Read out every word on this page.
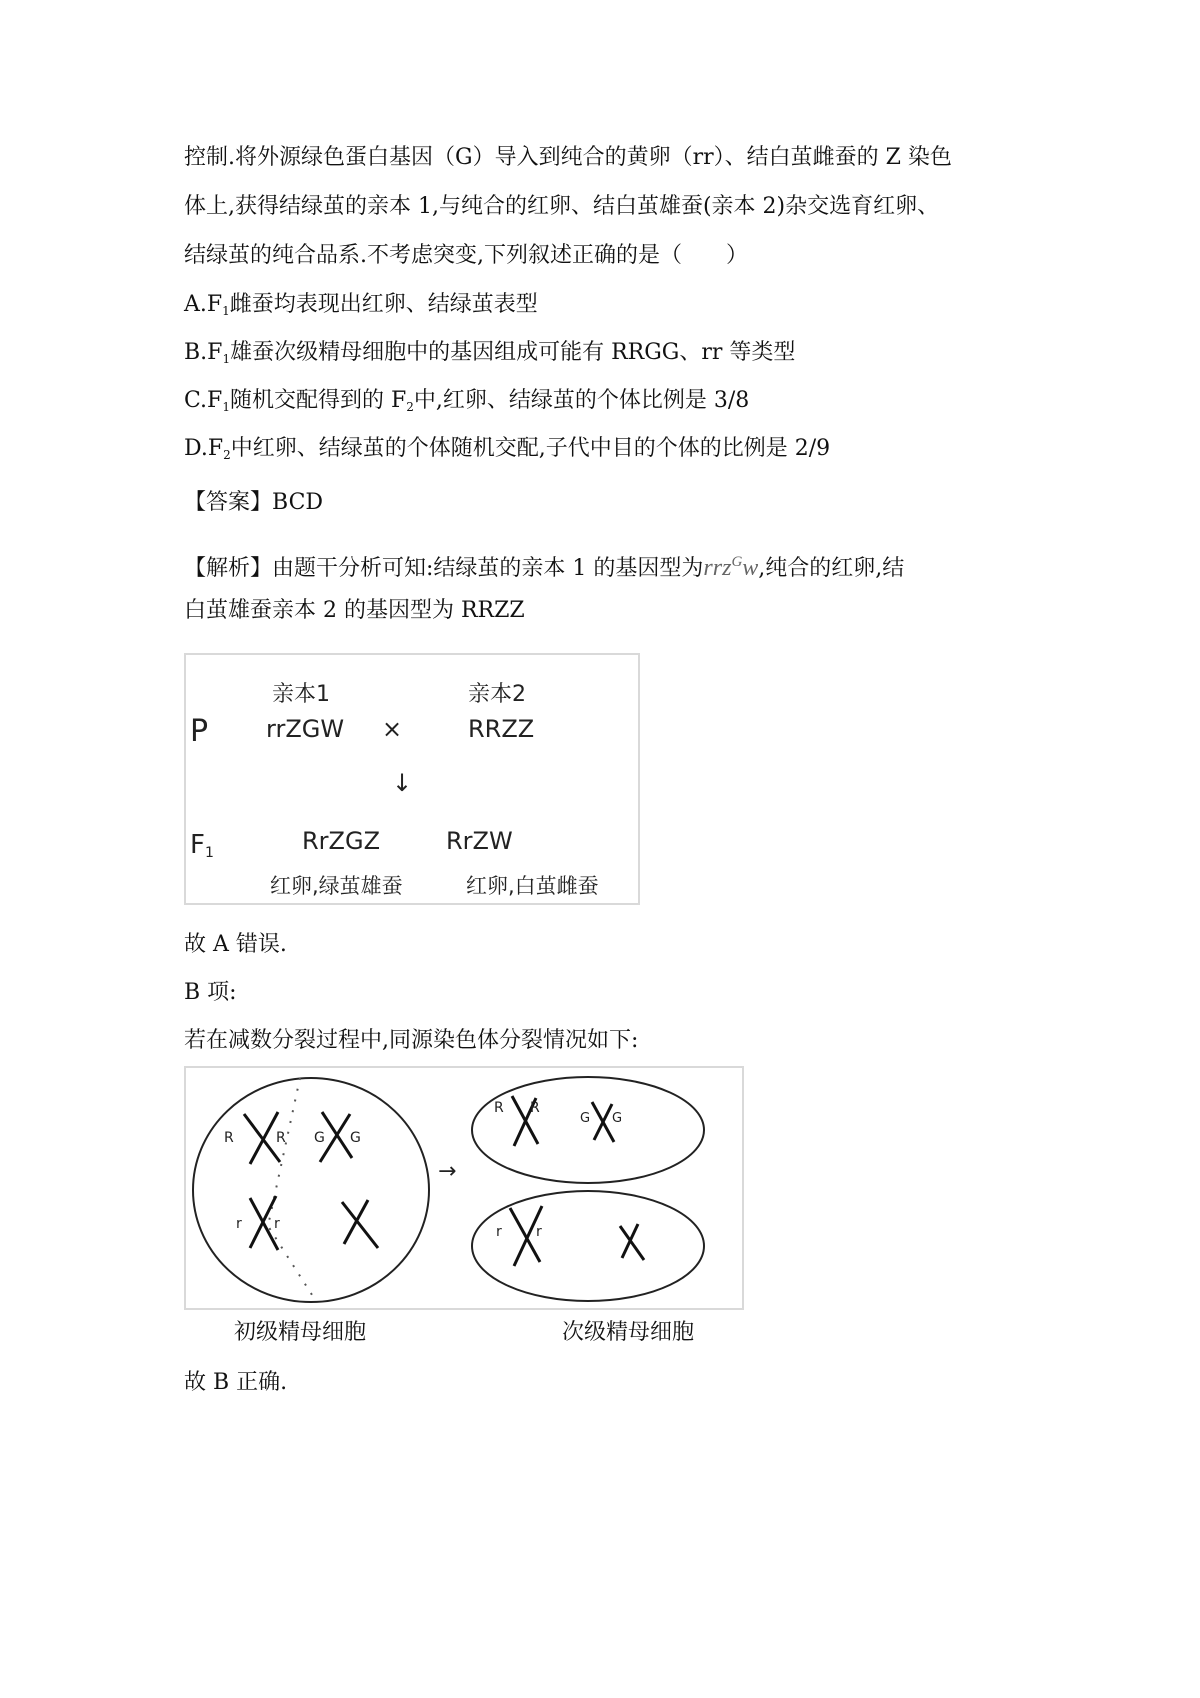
控制.将外源绿色蛋白基因（G）导入到纯合的黄卵（rr）、结白茧雌蚕的 Z 染色
体上,获得结绿茧的亲本 1,与纯合的红卵、结白茧雄蚕(亲本 2)杂交选育红卵、
结绿茧的纯合品系.不考虑突变,下列叙述正确的是（　　）
$A.F_1$雌蚕均表现出红卵、结绿茧表型
$B.F_1$雄蚕次级精母细胞中的基因组成可能有 RRGG、rr 等类型
$C.F_1$随机交配得到的 $F_2$中,红卵、结绿茧的个体比例是 3/8
$D.F_2$中红卵、结绿茧的个体随机交配,子代中目的个体的比例是 2/9
【答案】BCD
【解析】由题干分析可知:结绿茧的亲本 1 的基因型为rrz$^G$w,纯合的红卵,结
白茧雄蚕亲本 2 的基因型为 RRZZ
P
F1
亲本1
rrZGW ×
亲本2
RRZZ
↓
RrZGZ	RrZW
红卵,绿茧雄蚕	红卵,白茧雌蚕
故 A 错误.
B 项:
若在减数分裂过程中,同源染色体分裂情况如下:
R	R G G
r r
→
R R
G G
r r
初级精母细胞	次级精母细胞
故 B 正确.
